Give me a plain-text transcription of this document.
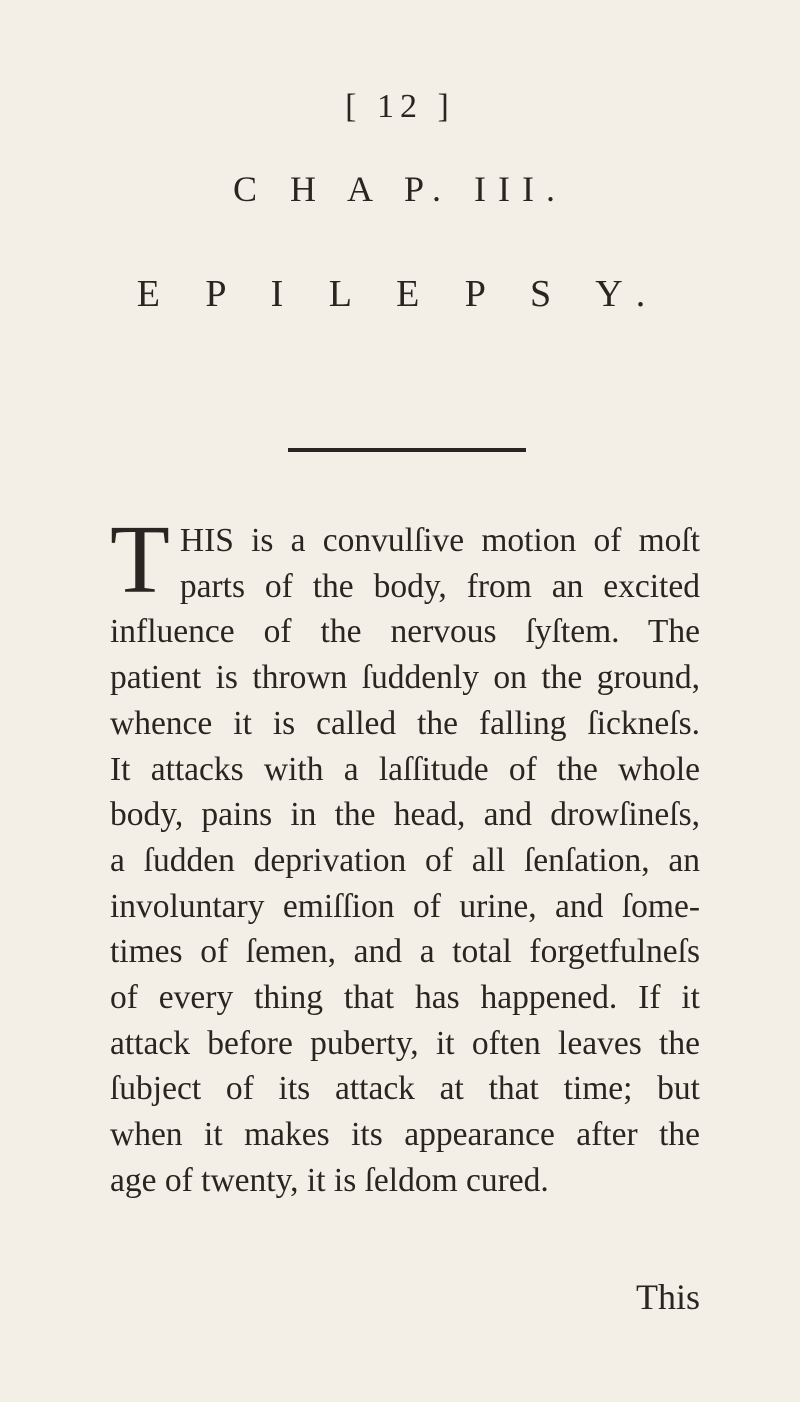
[ 12 ]
C H A P. III.
E P I L E P S Y.
T HIS is a convulſive motion of moſt
parts of the body, from an excited
influence of the nervous ſyſtem. The
patient is thrown ſuddenly on the ground,
whence it is called the falling ſickneſs.
It attacks with a laſſitude of the whole
body, pains in the head, and drowſineſs,
a ſudden deprivation of all ſenſation, an
involuntary emiſſion of urine, and ſome-
times of ſemen, and a total forgetfulneſs
of every thing that has happened. If it
attack before puberty, it often leaves the
ſubject of its attack at that time; but
when it makes its appearance after the
age of twenty, it is ſeldom cured.
This
